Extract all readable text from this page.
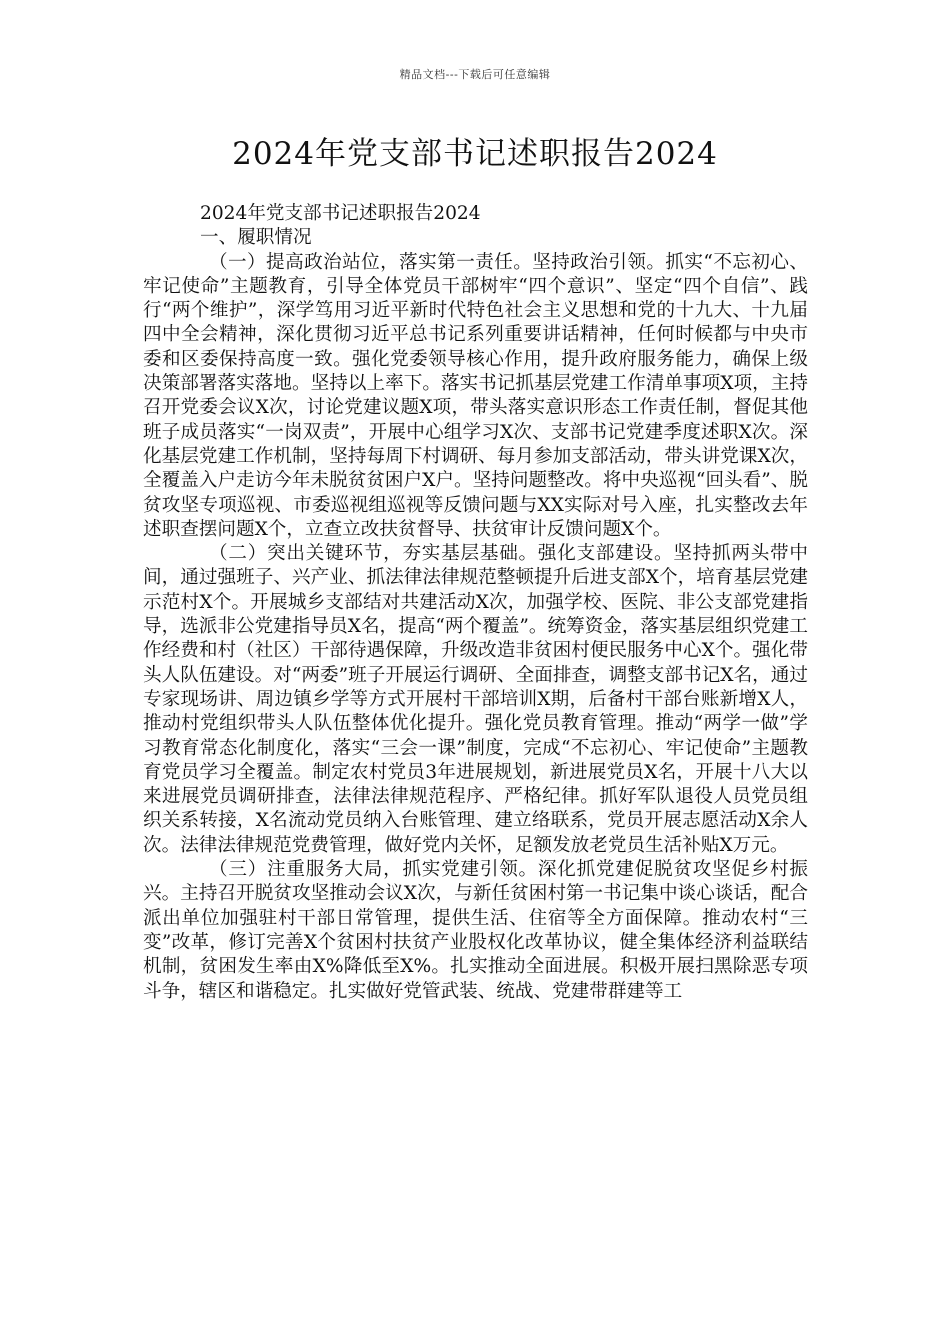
精品文档---下载后可任意编辑
2024年党支部书记述职报告2024

2024年党支部书记述职报告2024

一、履职情况

（一）提高政治站位，落实第一责任。坚持政治引领。抓实“不忘初心、牢记使命”主题教育，引导全体党员干部树牢“四个意识”、坚定“四个自信”、践行“两个维护”，深学笃用习近平新时代特色社会主义思想和党的十九大、十九届四中全会精神，深化贯彻习近平总书记系列重要讲话精神，任何时候都与中央市委和区委保持高度一致。强化党委领导核心作用，提升政府服务能力，确保上级决策部署落实落地。坚持以上率下。落实书记抓基层党建工作清单事项X项，主持召开党委会议X次，讨论党建议题X项，带头落实意识形态工作责任制，督促其他班子成员落实“一岗双责”，开展中心组学习X次、支部书记党建季度述职X次。深化基层党建工作机制，坚持每周下村调研、每月参加支部活动，带头讲党课X次，全覆盖入户走访今年未脱贫贫困户X户。坚持问题整改。将中央巡视“回头看”、脱贫攻坚专项巡视、市委巡视组巡视等反馈问题与XX实际对号入座，扎实整改去年述职查摆问题X个，立查立改扶贫督导、扶贫审计反馈问题X个。

（二）突出关键环节，夯实基层基础。强化支部建设。坚持抓两头带中间，通过强班子、兴产业、抓法律法律规范整顿提升后进支部X个，培育基层党建示范村X个。开展城乡支部结对共建活动X次，加强学校、医院、非公支部党建指导，选派非公党建指导员X名，提高“两个覆盖”。统筹资金，落实基层组织党建工作经费和村（社区）干部待遇保障，升级改造非贫困村便民服务中心X个。强化带头人队伍建设。对“两委”班子开展运行调研、全面排查，调整支部书记X名，通过专家现场讲、周边镇乡学等方式开展村干部培训X期，后备村干部台账新增X人，推动村党组织带头人队伍整体优化提升。强化党员教育管理。推动“两学一做”学习教育常态化制度化，落实“三会一课”制度，完成“不忘初心、牢记使命”主题教育党员学习全覆盖。制定农村党员3年进展规划，新进展党员X名，开展十八大以来进展党员调研排查，法律法律规范程序、严格纪律。抓好军队退役人员党员组织关系转接，X名流动党员纳入台账管理、建立络联系，党员开展志愿活动X余人次。法律法律规范党费管理，做好党内关怀，足额发放老党员生活补贴X万元。

（三）注重服务大局，抓实党建引领。深化抓党建促脱贫攻坚促乡村振兴。主持召开脱贫攻坚推动会议X次，与新任贫困村第一书记集中谈心谈话，配合派出单位加强驻村干部日常管理，提供生活、住宿等全方面保障。推动农村“三变”改革，修订完善X个贫困村扶贫产业股权化改革协议，健全集体经济利益联结机制，贫困发生率由X%降低至X%。扎实推动全面进展。积极开展扫黑除恶专项斗争，辖区和谐稳定。扎实做好党管武装、统战、党建带群建等工
